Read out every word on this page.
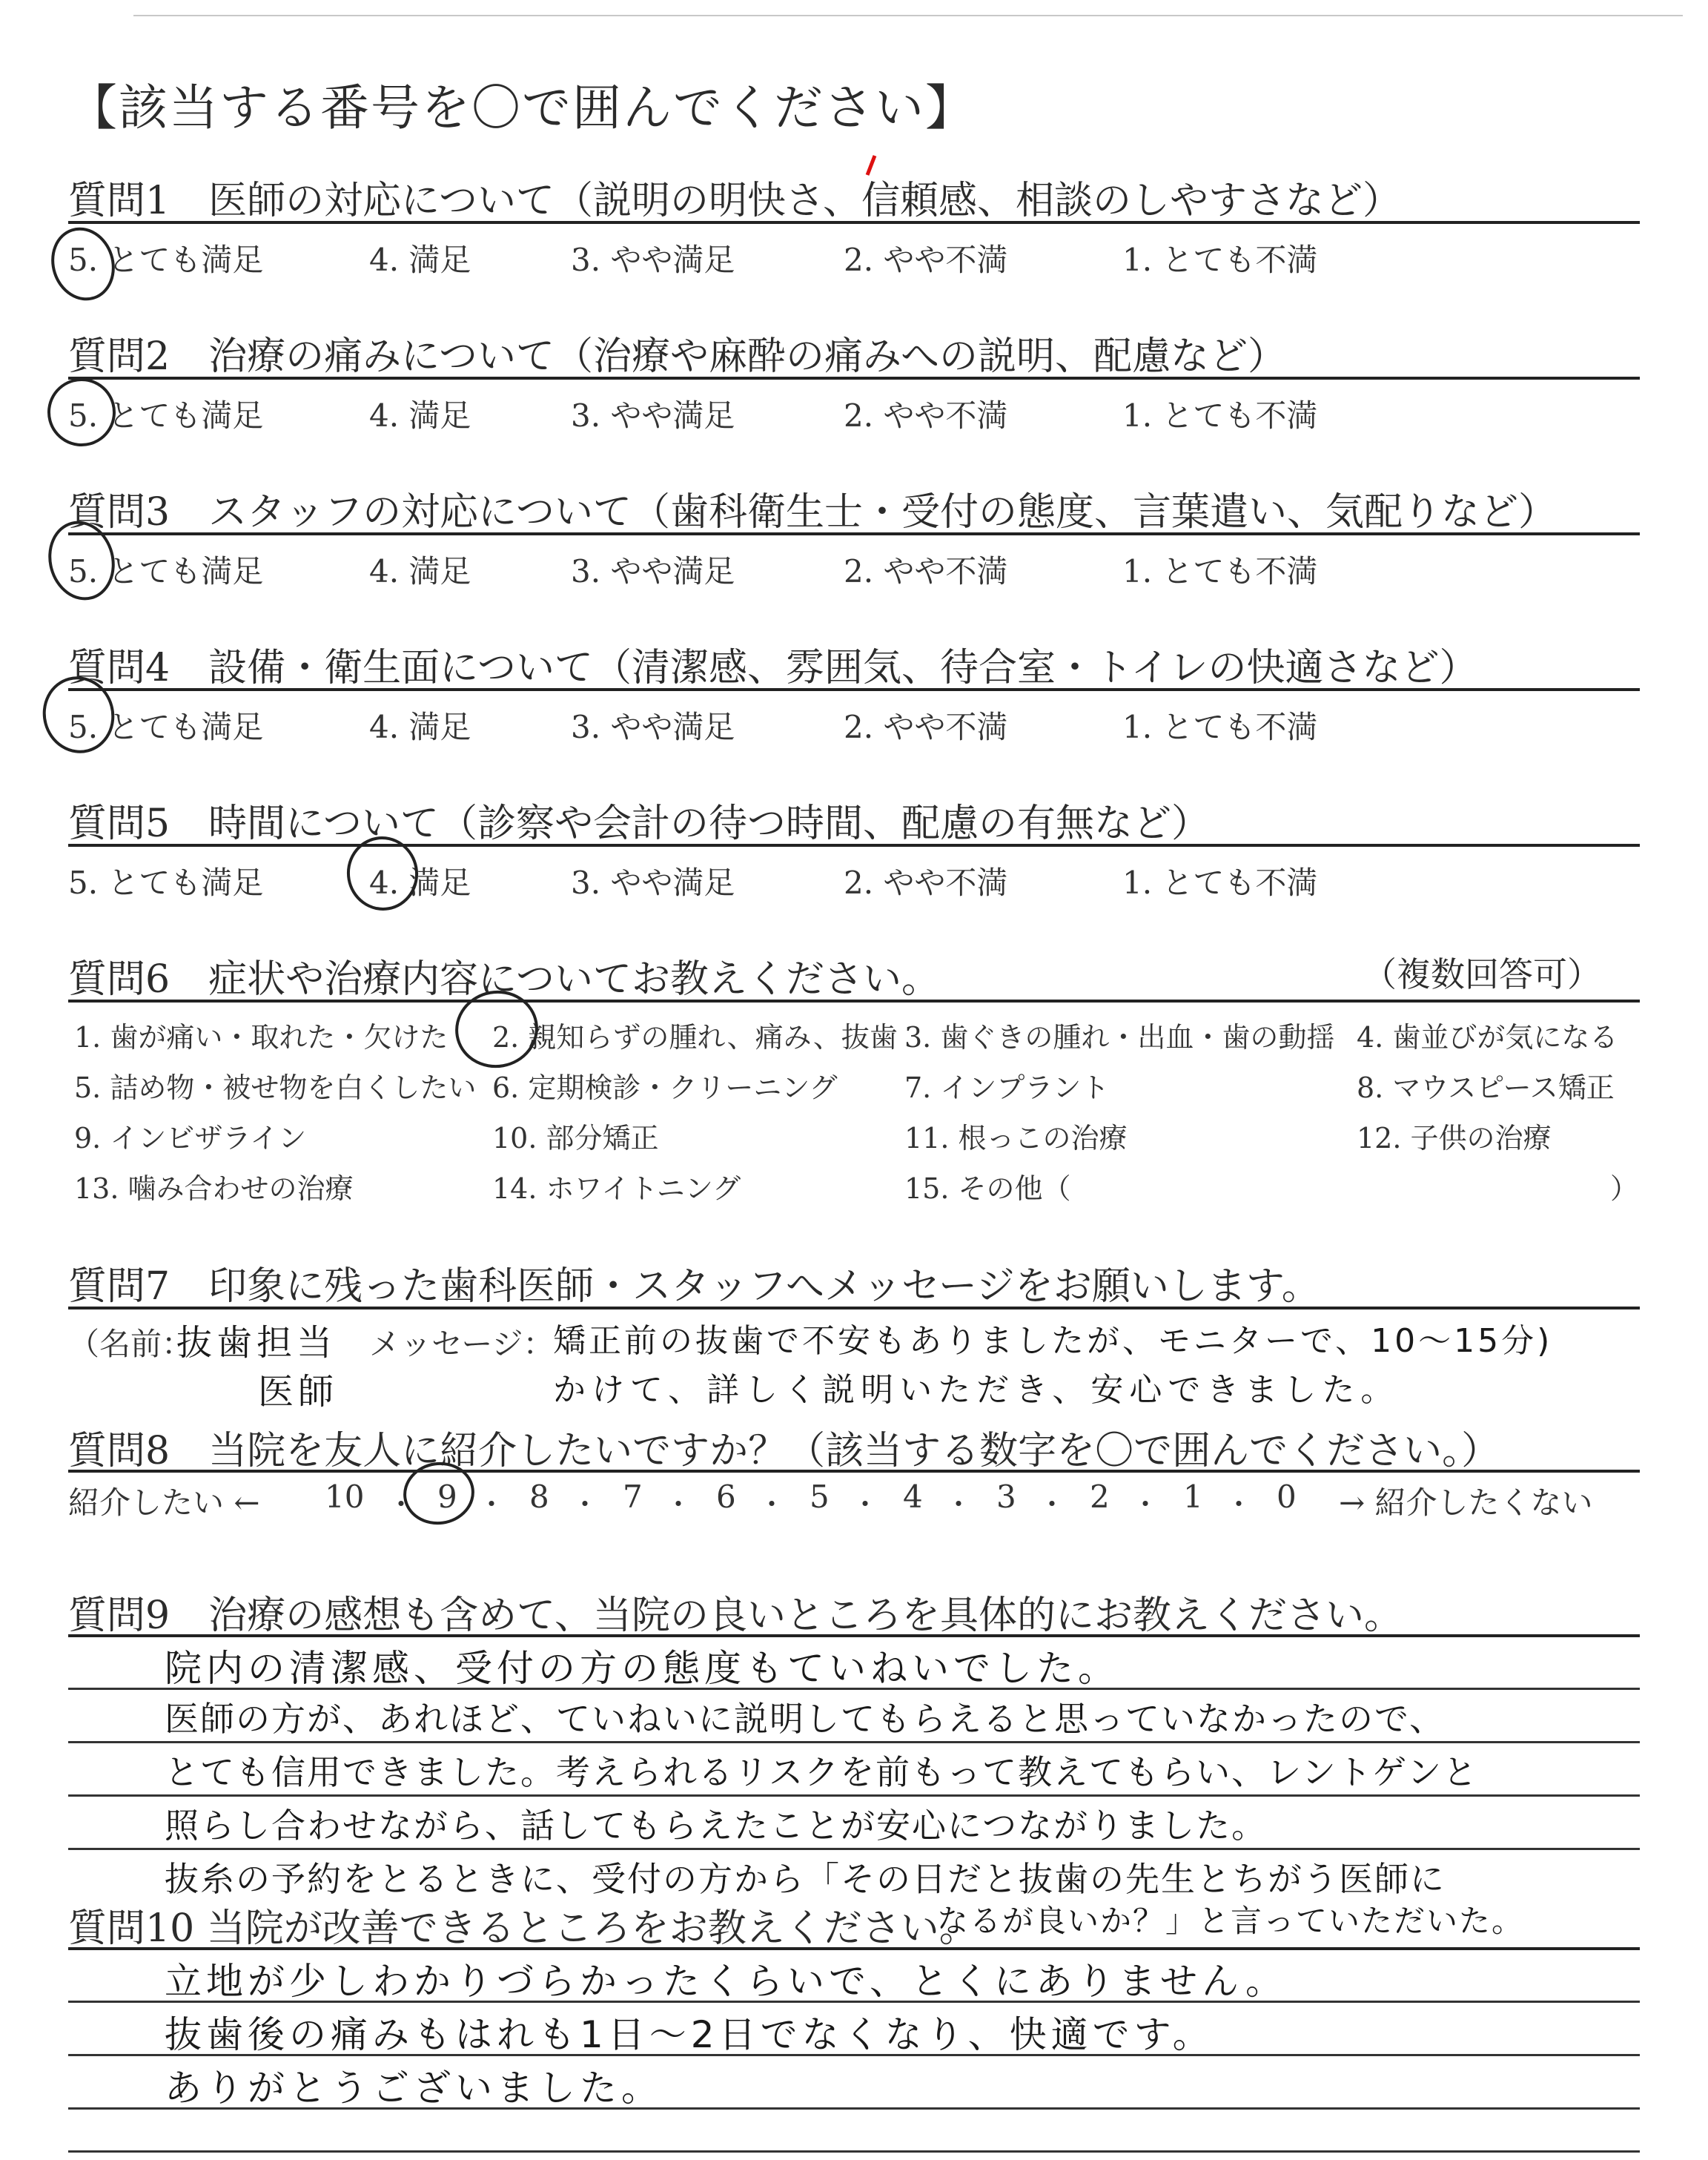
【該当する番号を〇で囲んでください】
質問1　医師の対応について（説明の明快さ、信頼感、相談のしやすさなど）
5. とても満足	4. 満足	3. やや満足	2. やや不満	1. とても不満
質問2　治療の痛みについて（治療や麻酔の痛みへの説明、配慮など）
5. とても満足	4. 満足	3. やや満足	2. やや不満	1. とても不満
質問3　スタッフの対応について（歯科衛生士・受付の態度、言葉遣い、気配りなど）
5. とても満足	4. 満足	3. やや満足	2. やや不満	1. とても不満
質問4　設備・衛生面について（清潔感、雰囲気、待合室・トイレの快適さなど）
5. とても満足	4. 満足	3. やや満足	2. やや不満	1. とても不満
質問5　時間について（診察や会計の待つ時間、配慮の有無など）
5. とても満足	4. 満足	3. やや満足	2. やや不満	1. とても不満
質問6　症状や治療内容についてお教えください。	（複数回答可）
1. 歯が痛い・取れた・欠けた 2. 親知らずの腫れ、痛み、抜歯 3. 歯ぐきの腫れ・出血・歯の動揺 4. 歯並びが気になる
5. 詰め物・被せ物を白くしたい 6. 定期検診・クリーニング 7. インプラント	8. マウスピース矯正
9. インビザライン	10. 部分矯正	11. 根っこの治療	12. 子供の治療
13. 噛み合わせの治療	14. ホワイトニング	15. その他（	）
質問7　印象に残った歯科医師・スタッフへメッセージをお願いします。
（名前：
抜歯担当
医師
メッセージ：
矯正前の抜歯で不安もありましたが、モニターで、10〜15分)
かけて、詳しく説明いただき、安心できました。
質問8　当院を友人に紹介したいですか？（該当する数字を〇で囲んでください。）
紹介したい ← 10 ・ 9 ・ 8 ・ 7 ・ 6 ・ 5 ・ 4 ・ 3 ・ 2 ・ 1 ・ 0 → 紹介したくない
質問9　治療の感想も含めて、当院の良いところを具体的にお教えください。
院内の清潔感、受付の方の態度もていねいでした。
医師の方が、あれほど、ていねいに説明してもらえると思っていなかったので、
とても信用できました。考えられるリスクを前もって教えてもらい、レントゲンと
照らし合わせながら、話してもらえたことが安心につながりました。
抜糸の予約をとるときに、受付の方から「その日だと抜歯の先生とちがう医師に
なるが良いか？」と言っていただいた。
質問10 当院が改善できるところをお教えください。
立地が少しわかりづらかったくらいで、とくにありません。
抜歯後の痛みもはれも1日〜2日でなくなり、快適です。
ありがとうございました。
